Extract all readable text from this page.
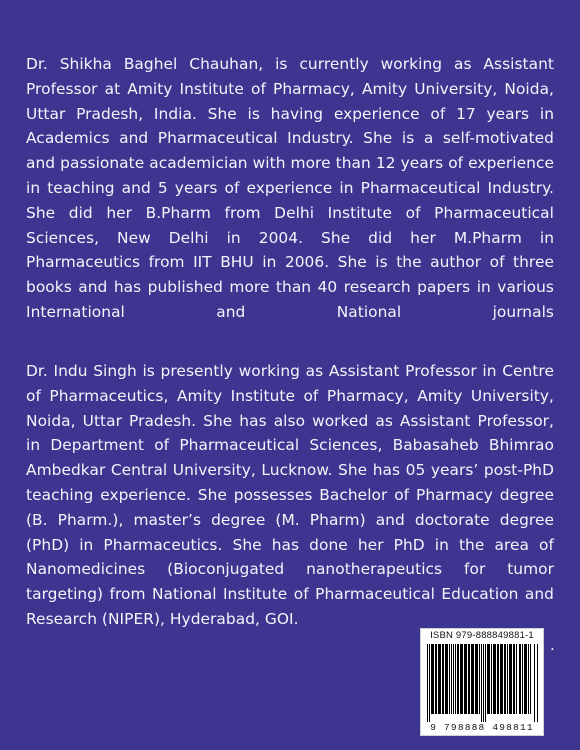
Dr. Shikha Baghel Chauhan, is currently working as Assistant Professor at Amity Institute of Pharmacy, Amity University, Noida, Uttar Pradesh, India. She is having experience of 17 years in Academics and Pharmaceutical Industry. She is a self-motivated and passionate academician with more than 12 years of experience in teaching and 5 years of experience in Pharmaceutical Industry. She did her B.Pharm from Delhi Institute of Pharmaceutical Sciences, New Delhi in 2004. She did her M.Pharm in Pharmaceutics from IIT BHU in 2006. She is the author of three books and has published more than 40 research papers in various International and National journals

Dr. Indu Singh is presently working as Assistant Professor in Centre of Pharmaceutics, Amity Institute of Pharmacy, Amity University, Noida, Uttar Pradesh. She has also worked as Assistant Professor, in Department of Pharmaceutical Sciences, Babasaheb Bhimrao Ambedkar Central University, Lucknow. She has 05 years’ post-PhD teaching experience. She possesses Bachelor of Pharmacy degree (B. Pharm.), master’s degree (M. Pharm) and doctorate degree (PhD) in Pharmaceutics. She has done her PhD in the area of Nanomedicines (Bioconjugated nanotherapeutics for tumor targeting) from National Institute of Pharmaceutical Education and Research (NIPER), Hyderabad, GOI.

.
ISBN 979-888849881-1
9 798888 498811
